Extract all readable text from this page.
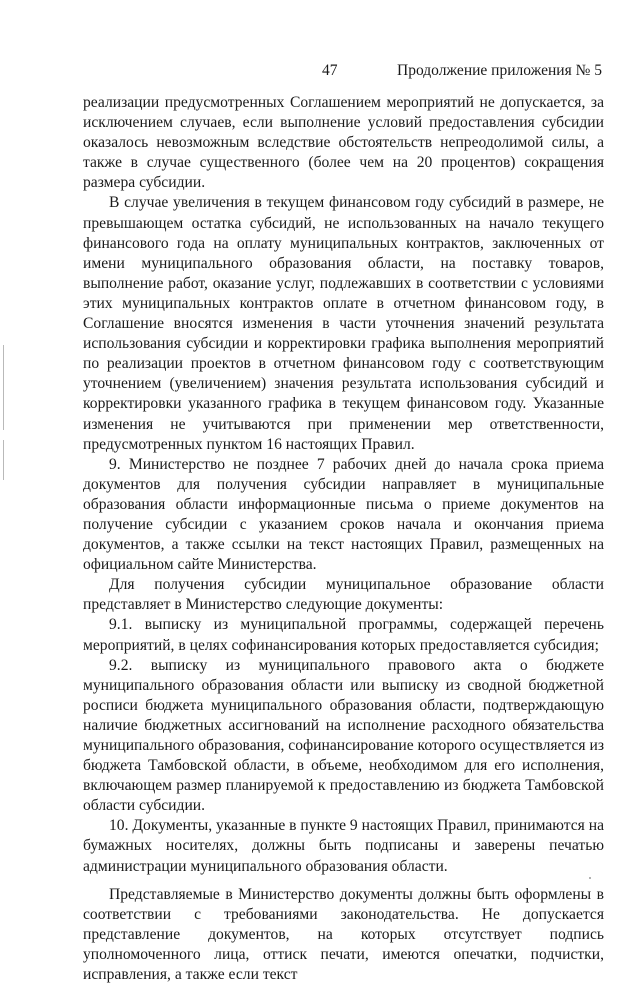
47	Продолжение приложения № 5

реализации предусмотренных Соглашением мероприятий не допускается, за исключением случаев, если выполнение условий предоставления субсидии оказалось невозможным вследствие обстоятельств непреодолимой силы, а также в случае существенного (более чем на 20 процентов) сокращения размера субсидии.

В случае увеличения в текущем финансовом году субсидий в размере, не превышающем остатка субсидий, не использованных на начало текущего финансового года на оплату муниципальных контрактов, заключенных от имени муниципального образования области, на поставку товаров, выполнение работ, оказание услуг, подлежавших в соответствии с условиями этих муниципальных контрактов оплате в отчетном финансовом году, в Соглашение вносятся изменения в части уточнения значений результата использования субсидии и корректировки графика выполнения мероприятий по реализации проектов в отчетном финансовом году с соответствующим уточнением (увеличением) значения результата использования субсидий и корректировки указанного графика в текущем финансовом году. Указанные изменения не учитываются при применении мер ответственности, предусмотренных пунктом 16 настоящих Правил.

9. Министерство не позднее 7 рабочих дней до начала срока приема документов для получения субсидии направляет в муниципальные образования области информационные письма о приеме документов на получение субсидии с указанием сроков начала и окончания приема документов, а также ссылки на текст настоящих Правил, размещенных на официальном сайте Министерства.

Для получения субсидии муниципальное образование области представляет в Министерство следующие документы:

9.1. выписку из муниципальной программы, содержащей перечень мероприятий, в целях софинансирования которых предоставляется субсидия;

9.2. выписку из муниципального правового акта о бюджете муниципального образования области или выписку из сводной бюджетной росписи бюджета муниципального образования области, подтверждающую наличие бюджетных ассигнований на исполнение расходного обязательства муниципального образования, софинансирование которого осуществляется из бюджета Тамбовской области, в объеме, необходимом для его исполнения, включающем размер планируемой к предоставлению из бюджета Тамбовской области субсидии.

10. Документы, указанные в пункте 9 настоящих Правил, принимаются на бумажных носителях, должны быть подписаны и заверены печатью администрации муниципального образования области.

Представляемые в Министерство документы должны быть оформлены в соответствии с требованиями законодательства. Не допускается представление документов, на которых отсутствует подпись уполномоченного лица, оттиск печати, имеются опечатки, подчистки, исправления, а также если текст
